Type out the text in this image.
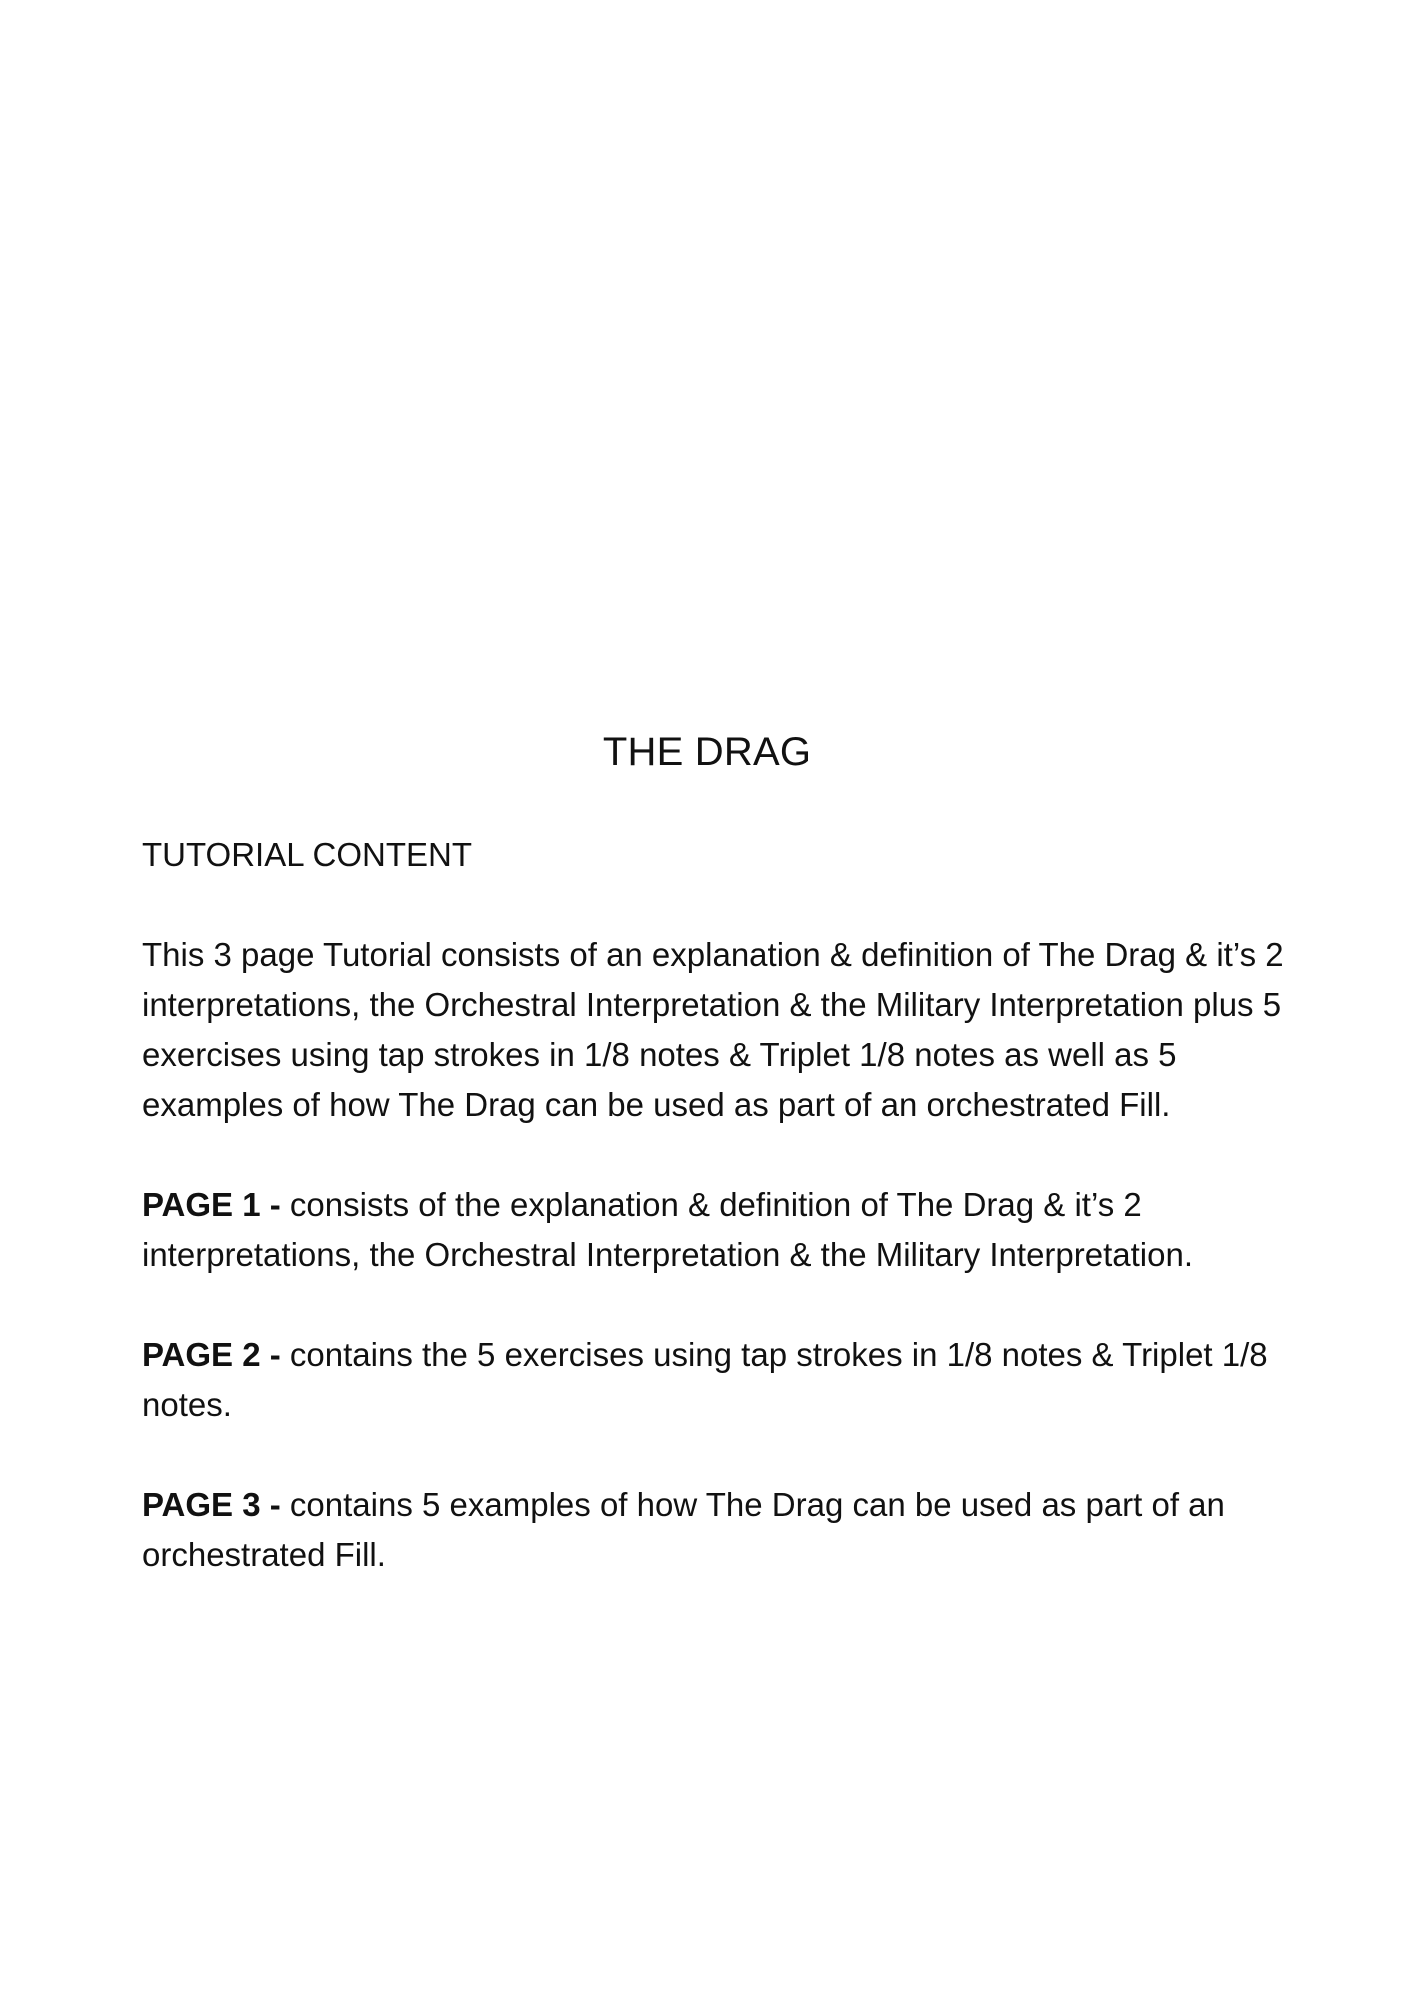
THE DRAG
TUTORIAL CONTENT

This 3 page Tutorial consists of an explanation & definition of The Drag & it’s 2 interpretations, the Orchestral Interpretation & the Military Interpretation plus 5 exercises using tap strokes in 1/8 notes & Triplet 1/8 notes as well as 5 examples of how The Drag can be used as part of an orchestrated Fill.

PAGE 1 - consists of the explanation & definition of The Drag & it’s 2 interpretations, the Orchestral Interpretation & the Military Interpretation.

PAGE 2 - contains the 5 exercises using tap strokes in 1/8 notes & Triplet 1/8 notes.

PAGE 3 - contains 5 examples of how The Drag can be used as part of an orchestrated Fill.
